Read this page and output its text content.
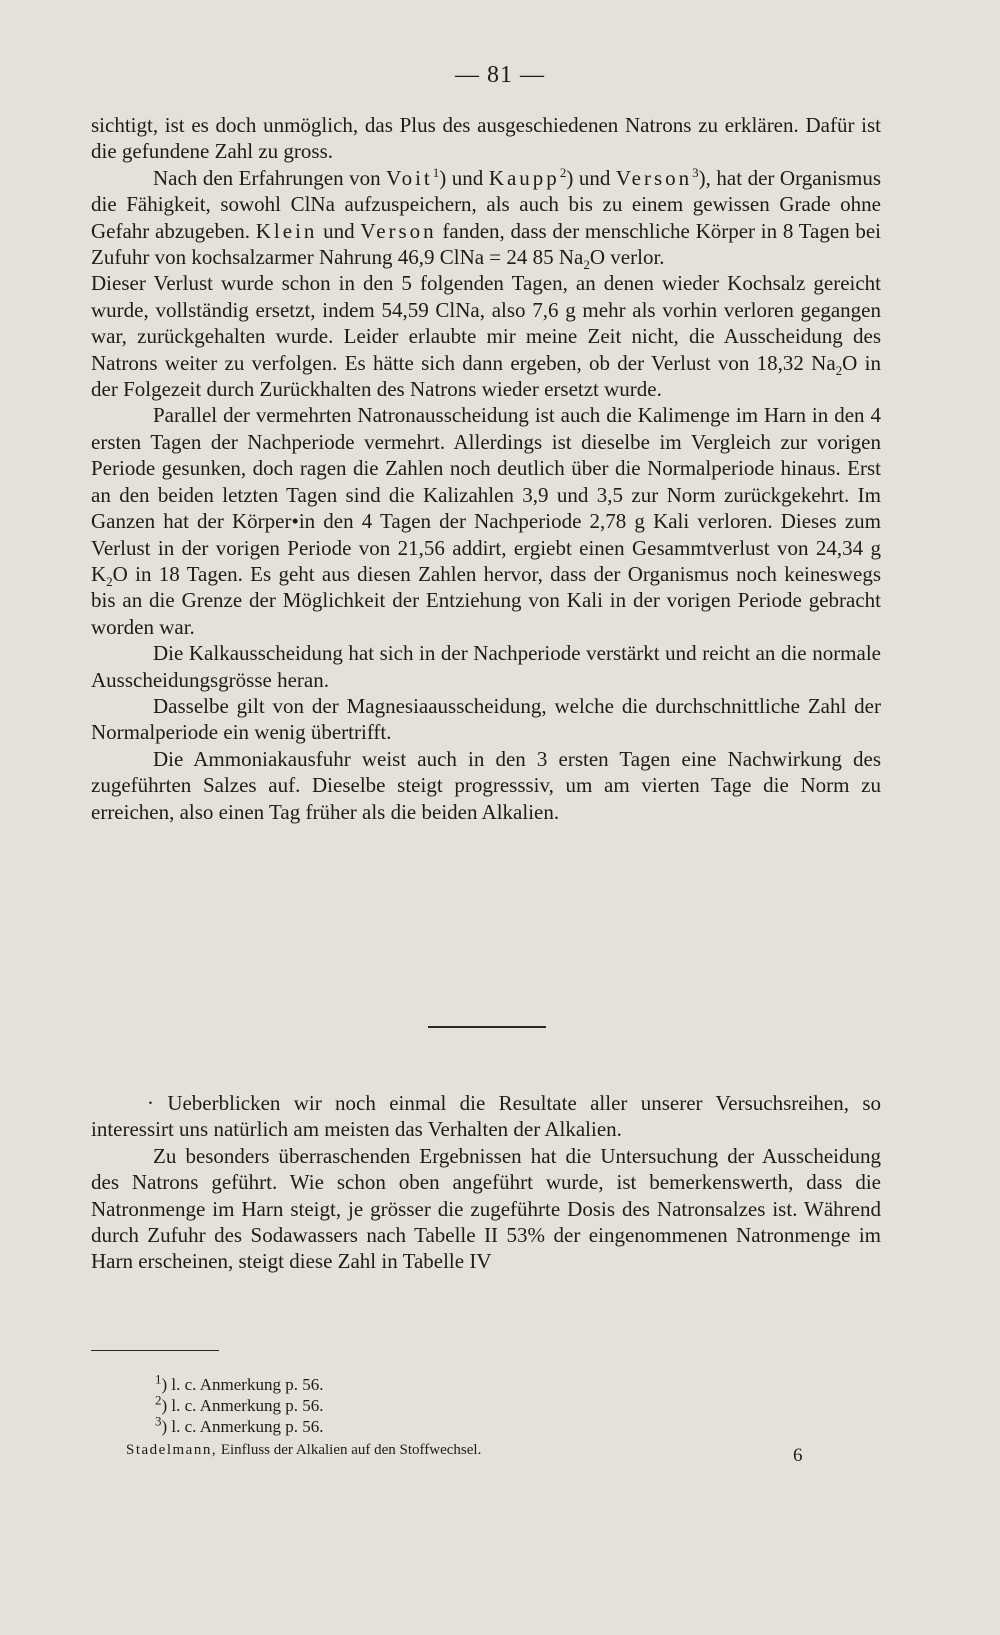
— 81 —

sichtigt, ist es doch unmöglich, das Plus des ausgeschiedenen Natrons zu erklären. Dafür ist die gefundene Zahl zu gross.

Nach den Erfahrungen von Voit$^1$) und Kaupp$^2$) und Verson$^3$), hat der Organismus die Fähigkeit, sowohl ClNa aufzuspeichern, als auch bis zu einem gewissen Grade ohne Gefahr abzugeben. Klein und Verson fanden, dass der menschliche Körper in 8 Tagen bei Zufuhr von kochsalzarmer Nahrung 46,9 ClNa = 24 85 $Na_2O$ verlor.

Dieser Verlust wurde schon in den 5 folgenden Tagen, an denen wieder Kochsalz gereicht wurde, vollständig ersetzt, indem 54,59 ClNa, also 7,6 g mehr als vorhin verloren gegangen war, zurückgehalten wurde. Leider erlaubte mir meine Zeit nicht, die Ausscheidung des Natrons weiter zu verfolgen. Es hätte sich dann ergeben, ob der Verlust von 18,32 $Na_2O$ in der Folgezeit durch Zurückhalten des Natrons wieder ersetzt wurde.

Parallel der vermehrten Natronausscheidung ist auch die Kalimenge im Harn in den 4 ersten Tagen der Nachperiode vermehrt. Allerdings ist dieselbe im Vergleich zur vorigen Periode gesunken, doch ragen die Zahlen noch deutlich über die Normalperiode hinaus. Erst an den beiden letzten Tagen sind die Kalizahlen 3,9 und 3,5 zur Norm zurückgekehrt. Im Ganzen hat der Körper•in den 4 Tagen der Nachperiode 2,78 g Kali verloren. Dieses zum Verlust in der vorigen Periode von 21,56 addirt, ergiebt einen Gesammtverlust von 24,34 g $K_2O$ in 18 Tagen. Es geht aus diesen Zahlen hervor, dass der Organismus noch keineswegs bis an die Grenze der Möglichkeit der Entziehung von Kali in der vorigen Periode gebracht worden war.

Die Kalkausscheidung hat sich in der Nachperiode verstärkt und reicht an die normale Ausscheidungsgrösse heran.

Dasselbe gilt von der Magnesiaausscheidung, welche die durchschnittliche Zahl der Normalperiode ein wenig übertrifft.

Die Ammoniakausfuhr weist auch in den 3 ersten Tagen eine Nachwirkung des zugeführten Salzes auf. Dieselbe steigt progresssiv, um am vierten Tage die Norm zu erreichen, also einen Tag früher als die beiden Alkalien.

· Ueberblicken wir noch einmal die Resultate aller unserer Versuchsreihen, so interessirt uns natürlich am meisten das Verhalten der Alkalien.

Zu besonders überraschenden Ergebnissen hat die Untersuchung der Ausscheidung des Natrons geführt. Wie schon oben angeführt wurde, ist bemerkenswerth, dass die Natronmenge im Harn steigt, je grösser die zugeführte Dosis des Natronsalzes ist. Während durch Zufuhr des Sodawassers nach Tabelle II 53% der eingenommenen Natronmenge im Harn erscheinen, steigt diese Zahl in Tabelle IV

$^1$) l. c. Anmerkung p. 56.
$^2$) l. c. Anmerkung p. 56.
$^3$) l. c. Anmerkung p. 56.
Stadelmann, Einfluss der Alkalien auf den Stoffwechsel.	6
